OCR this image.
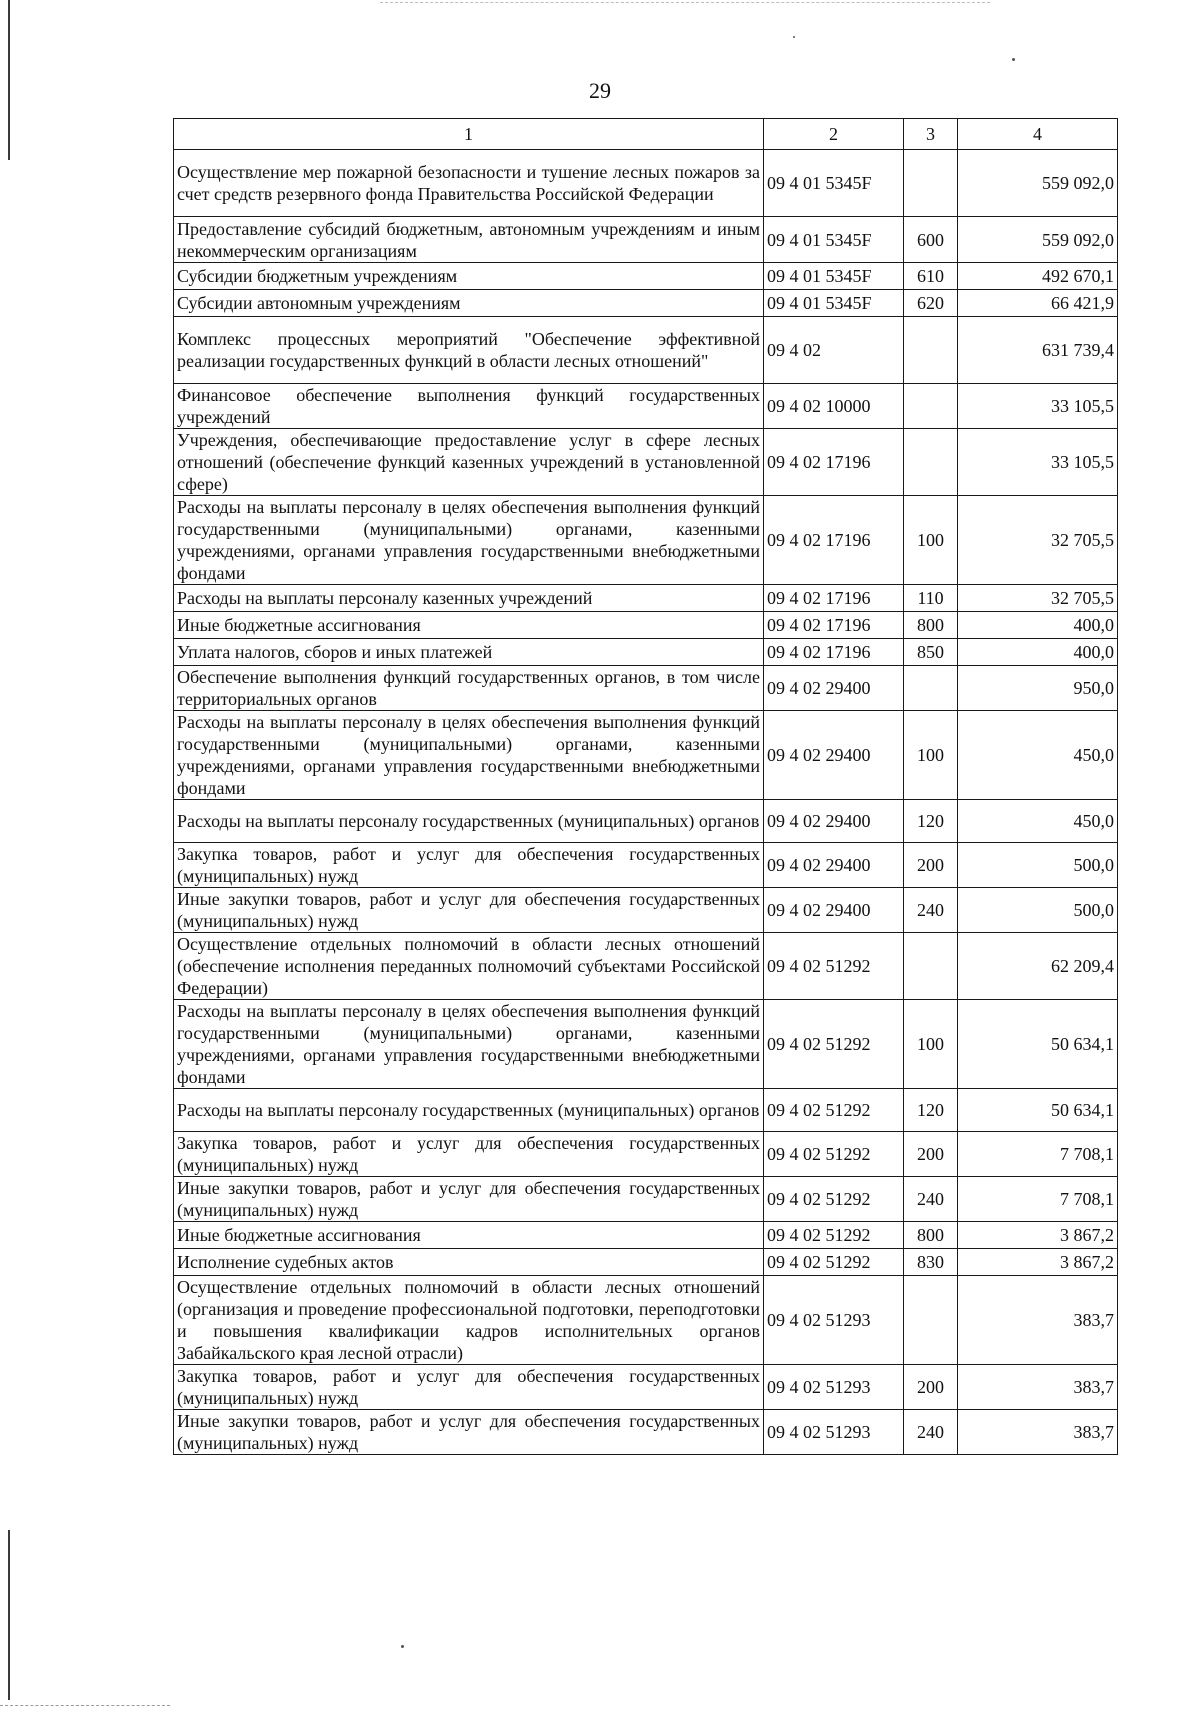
29
1	2	3	4
Осуществление мер пожарной безопасности и тушение лесных пожаров за счет средств резервного фонда Правительства Российской Федерации	09 4 01 5345F		559 092,0
Предоставление субсидий бюджетным, автономным учреждениям и иным некоммерческим организациям	09 4 01 5345F	600	559 092,0
Субсидии бюджетным учреждениям	09 4 01 5345F	610	492 670,1
Субсидии автономным учреждениям	09 4 01 5345F	620	66 421,9
Комплекс процессных мероприятий "Обеспечение эффективной реализации государственных функций в области лесных отношений"	09 4 02		631 739,4
Финансовое обеспечение выполнения функций государственных учреждений	09 4 02 10000		33 105,5
Учреждения, обеспечивающие предоставление услуг в сфере лесных отношений (обеспечение функций казенных учреждений в установленной сфере)	09 4 02 17196		33 105,5
Расходы на выплаты персоналу в целях обеспечения выполнения функций государственными (муниципальными) органами, казенными учреждениями, органами управления государственными внебюджетными фондами	09 4 02 17196	100	32 705,5
Расходы на выплаты персоналу казенных учреждений	09 4 02 17196	110	32 705,5
Иные бюджетные ассигнования	09 4 02 17196	800	400,0
Уплата налогов, сборов и иных платежей	09 4 02 17196	850	400,0
Обеспечение выполнения функций государственных органов, в том числе территориальных органов	09 4 02 29400		950,0
Расходы на выплаты персоналу в целях обеспечения выполнения функций государственными (муниципальными) органами, казенными учреждениями, органами управления государственными внебюджетными фондами	09 4 02 29400	100	450,0
Расходы на выплаты персоналу государственных (муниципальных) органов	09 4 02 29400	120	450,0
Закупка товаров, работ и услуг для обеспечения государственных (муниципальных) нужд	09 4 02 29400	200	500,0
Иные закупки товаров, работ и услуг для обеспечения государственных (муниципальных) нужд	09 4 02 29400	240	500,0
Осуществление отдельных полномочий в области лесных отношений (обеспечение исполнения переданных полномочий субъектами Российской Федерации)	09 4 02 51292		62 209,4
Расходы на выплаты персоналу в целях обеспечения выполнения функций государственными (муниципальными) органами, казенными учреждениями, органами управления государственными внебюджетными фондами	09 4 02 51292	100	50 634,1
Расходы на выплаты персоналу государственных (муниципальных) органов	09 4 02 51292	120	50 634,1
Закупка товаров, работ и услуг для обеспечения государственных (муниципальных) нужд	09 4 02 51292	200	7 708,1
Иные закупки товаров, работ и услуг для обеспечения государственных (муниципальных) нужд	09 4 02 51292	240	7 708,1
Иные бюджетные ассигнования	09 4 02 51292	800	3 867,2
Исполнение судебных актов	09 4 02 51292	830	3 867,2
Осуществление отдельных полномочий в области лесных отношений (организация и проведение профессиональной подготовки, переподготовки и повышения квалификации кадров исполнительных органов Забайкальского края лесной отрасли)	09 4 02 51293		383,7
Закупка товаров, работ и услуг для обеспечения государственных (муниципальных) нужд	09 4 02 51293	200	383,7
Иные закупки товаров, работ и услуг для обеспечения государственных (муниципальных) нужд	09 4 02 51293	240	383,7
